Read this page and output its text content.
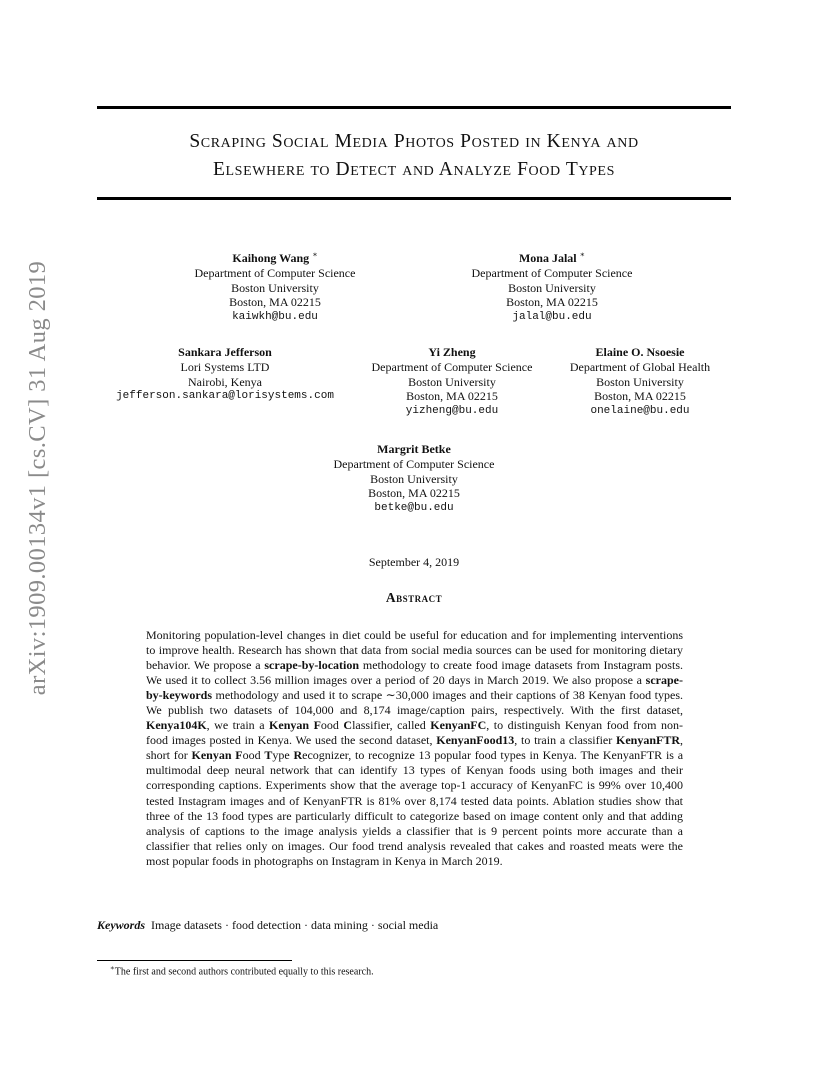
arXiv:1909.00134v1 [cs.CV] 31 Aug 2019
Scraping Social Media Photos Posted in Kenya and
Elsewhere to Detect and Analyze Food Types
Kaihong Wang ∗
Department of Computer Science
Boston University
Boston, MA 02215
kaiwkh@bu.edu
Mona Jalal ∗
Department of Computer Science
Boston University
Boston, MA 02215
jalal@bu.edu
Sankara Jefferson
Lori Systems LTD
Nairobi, Kenya
jefferson.sankara@lorisystems.com
Yi Zheng
Department of Computer Science
Boston University
Boston, MA 02215
yizheng@bu.edu
Elaine O. Nsoesie
Department of Global Health
Boston University
Boston, MA 02215
onelaine@bu.edu
Margrit Betke
Department of Computer Science
Boston University
Boston, MA 02215
betke@bu.edu
September 4, 2019
Abstract
Monitoring population-level changes in diet could be useful for education and for implementing interventions to improve health. Research has shown that data from social media sources can be used for monitoring dietary behavior. We propose a scrape-by-location methodology to create food image datasets from Instagram posts. We used it to collect 3.56 million images over a period of 20 days in March 2019. We also propose a scrape-by-keywords methodology and used it to scrape ∼30,000 images and their captions of 38 Kenyan food types. We publish two datasets of 104,000 and 8,174 image/caption pairs, respectively. With the first dataset, Kenya104K, we train a Kenyan Food Classifier, called KenyanFC, to distinguish Kenyan food from non-food images posted in Kenya. We used the second dataset, KenyanFood13, to train a classifier KenyanFTR, short for Kenyan Food Type Recognizer, to recognize 13 popular food types in Kenya. The KenyanFTR is a multimodal deep neural network that can identify 13 types of Kenyan foods using both images and their corresponding captions. Experiments show that the average top-1 accuracy of KenyanFC is 99% over 10,400 tested Instagram images and of KenyanFTR is 81% over 8,174 tested data points. Ablation studies show that three of the 13 food types are particularly difficult to categorize based on image content only and that adding analysis of captions to the image analysis yields a classifier that is 9 percent points more accurate than a classifier that relies only on images. Our food trend analysis revealed that cakes and roasted meats were the most popular foods in photographs on Instagram in Kenya in March 2019.
Keywords Image datasets · food detection · data mining · social media
∗The first and second authors contributed equally to this research.
